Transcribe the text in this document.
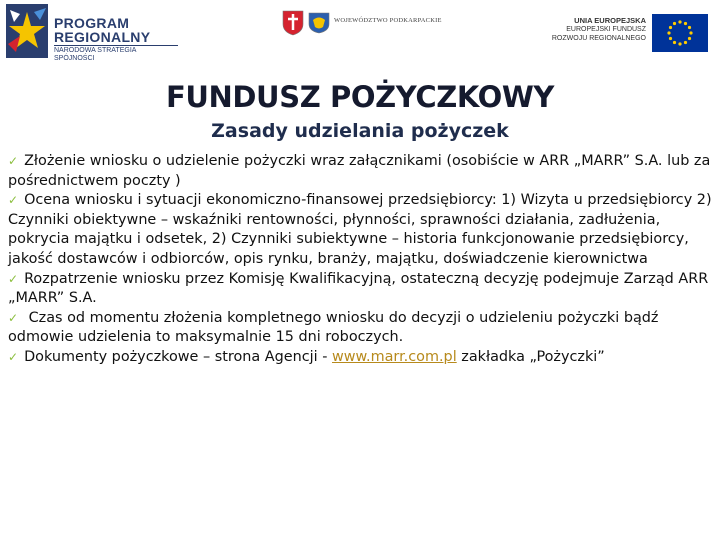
PROGRAM
REGIONALNY
NARODOWA STRATEGIA SPÓJNOŚCI
WOJEWÓDZTWO PODKARPACKIE	UNIA EUROPEJSKA
EUROPEJSKI FUNDUSZ
ROZWOJU REGIONALNEGO
FUNDUSZ POŻYCZKOWY
Zasady udzielania pożyczek
✓ Złożenie wniosku o udzielenie pożyczki wraz załącznikami (osobiście w ARR „MARR” S.A. lub za pośrednictwem poczty )
✓ Ocena wniosku i sytuacji ekonomiczno-finansowej przedsiębiorcy: 1) Wizyta u przedsiębiorcy 2) Czynniki obiektywne – wskaźniki rentowności, płynności, sprawności działania, zadłużenia, pokrycia majątku i odsetek, 2) Czynniki subiektywne – historia funkcjonowanie przedsiębiorcy, jakość dostawców i odbiorców, opis rynku, branży, majątku, doświadczenie kierownictwa
✓ Rozpatrzenie wniosku przez Komisję Kwalifikacyjną, ostateczną decyzję podejmuje Zarząd ARR „MARR” S.A.
✓ Czas od momentu złożenia kompletnego wniosku do decyzji o udzieleniu pożyczki bądź odmowie udzielenia to maksymalnie 15 dni roboczych.
✓ Dokumenty pożyczkowe – strona Agencji - www.marr.com.pl zakładka „Pożyczki”
